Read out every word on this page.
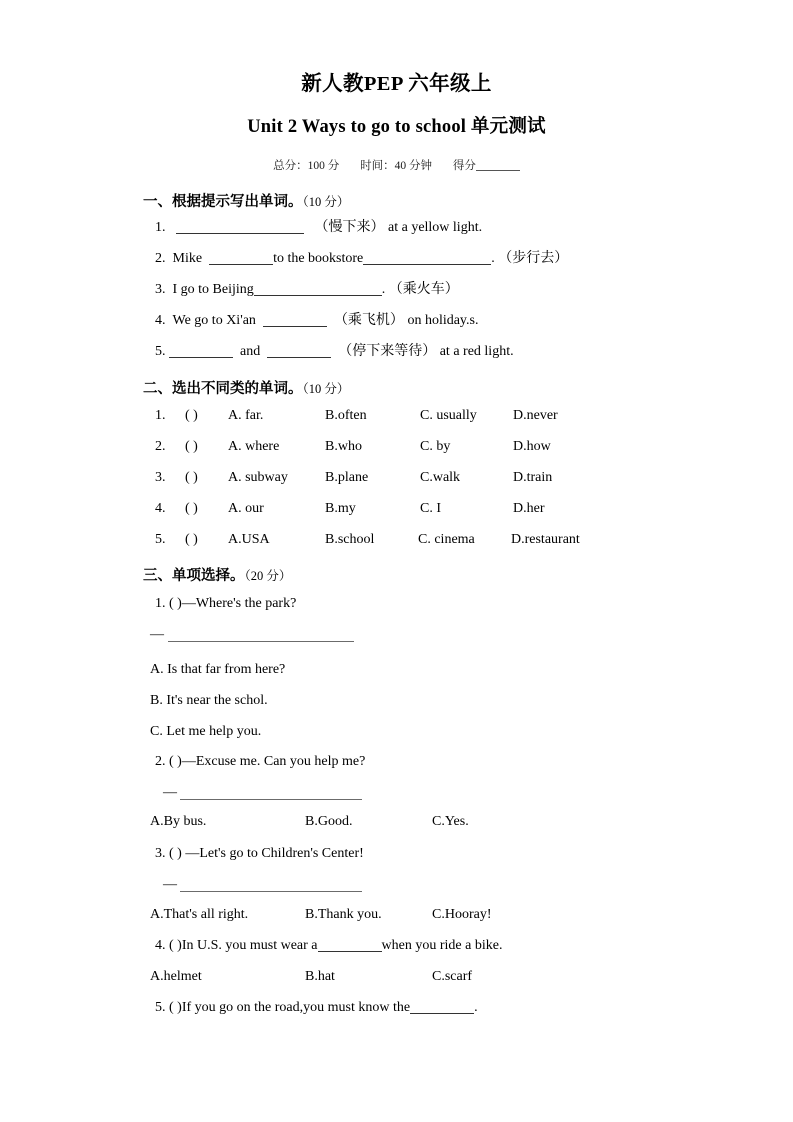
新人教PEP 六年级上
Unit 2 Ways to go to school 单元测试
总分：100 分 时间：40 分钟 得分
一、根据提示写出单词。（10 分）
1.	（慢下来） at a yellow light.
2. Mike	to the bookstore	. （步行去）
3. I go to Beijing	. （乘火车）
4. We go to Xi'an	（乘飞机） on holiday.s.
5.	and	（停下来等待） at a red light.
二、选出不同类的单词。（10 分）
1. ( ) A. far.	B.often	C. usually	D.never
2. ( ) A. where	B.who	C. by	D.how
3. ( ) A. subway	B.plane	C.walk	D.train
4. ( ) A. our	B.my	C. I	D.her
5. ( ) A.USA	B.school	C. cinema	D.restaurant
三、单项选择。（20 分）
1. ( )—Where's the park?
—
A. Is that far from here?
B. It's near the schol.
C. Let me help you.
2. ( )—Excuse me. Can you help me?
—
A.By bus.	B.Good.	C.Yes.
3. ( ) —Let's go to Children's Center!
—
A.That's all right.	B.Thank you.	C.Hooray!
4. ( )In U.S. you must wear a	when you ride a bike.
A.helmet	B.hat	C.scarf
5. ( )If you go on the road,you must know the	.
